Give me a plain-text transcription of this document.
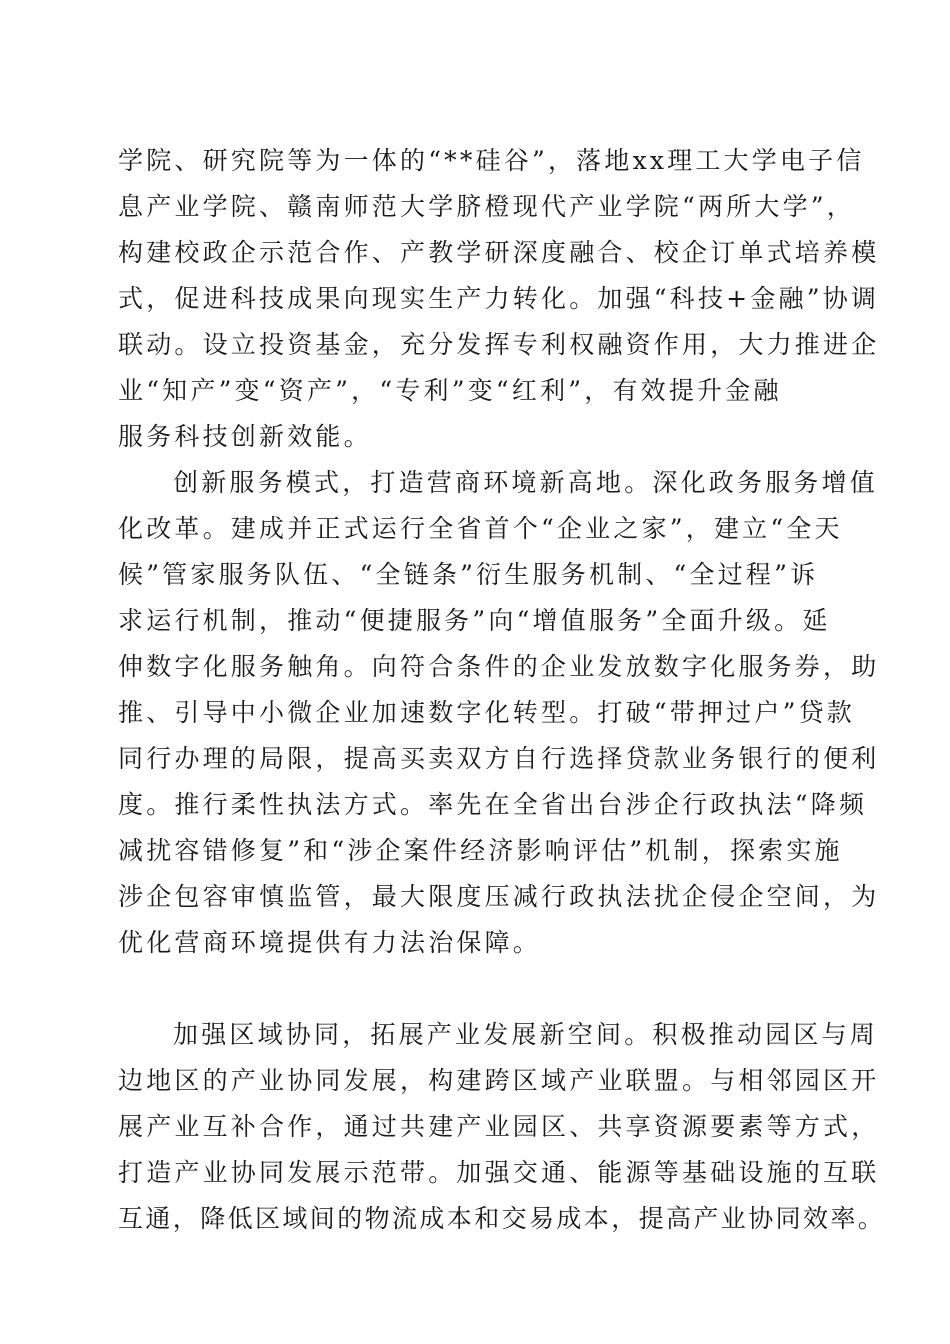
学院、研究院等为一体的“**硅谷”，落地xx理工大学电子信
息产业学院、赣南师范大学脐橙现代产业学院“两所大学”，
构建校政企示范合作、产教学研深度融合、校企订单式培养模
式，促进科技成果向现实生产力转化。加强“科技+金融”协调
联动。设立投资基金，充分发挥专利权融资作用，大力推进企
业“知产”变“资产”，“专利”变“红利”，有效提升金融
服务科技创新效能。
创新服务模式，打造营商环境新高地。深化政务服务增值
化改革。建成并正式运行全省首个“企业之家”，建立“全天
候”管家服务队伍、“全链条”衍生服务机制、“全过程”诉
求运行机制，推动“便捷服务”向“增值服务”全面升级。延
伸数字化服务触角。向符合条件的企业发放数字化服务券，助
推、引导中小微企业加速数字化转型。打破“带押过户”贷款
同行办理的局限，提高买卖双方自行选择贷款业务银行的便利
度。推行柔性执法方式。率先在全省出台涉企行政执法“降频
减扰容错修复”和“涉企案件经济影响评估”机制，探索实施
涉企包容审慎监管，最大限度压减行政执法扰企侵企空间，为
优化营商环境提供有力法治保障。
加强区域协同，拓展产业发展新空间。积极推动园区与周
边地区的产业协同发展，构建跨区域产业联盟。与相邻园区开
展产业互补合作，通过共建产业园区、共享资源要素等方式，
打造产业协同发展示范带。加强交通、能源等基础设施的互联
互通，降低区域间的物流成本和交易成本，提高产业协同效率。
